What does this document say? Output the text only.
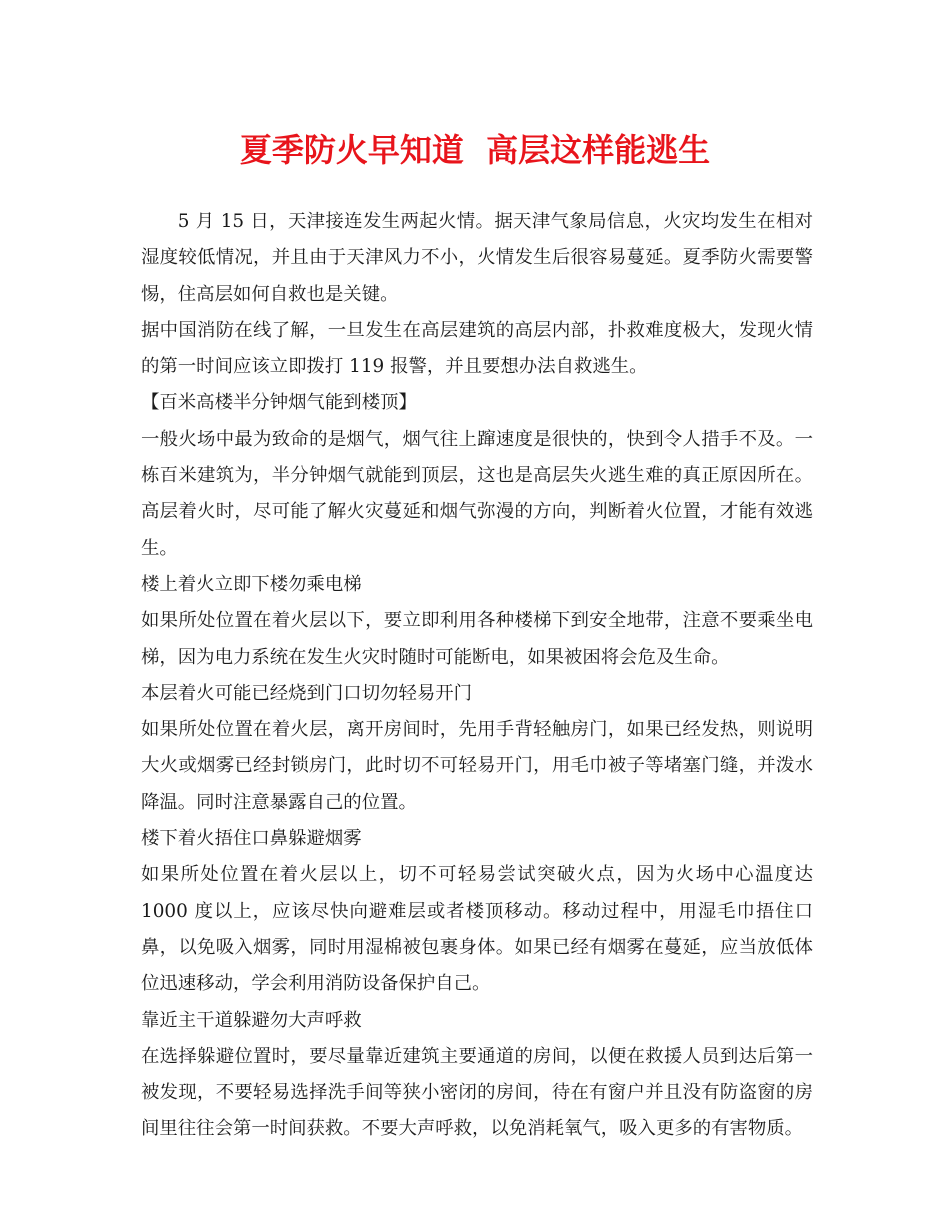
夏季防火早知道  高层这样能逃生

5 月 15 日，天津接连发生两起火情。据天津气象局信息，火灾均发生在相对湿度较低情况，并且由于天津风力不小，火情发生后很容易蔓延。夏季防火需要警惕，住高层如何自救也是关键。

据中国消防在线了解，一旦发生在高层建筑的高层内部，扑救难度极大，发现火情的第一时间应该立即拨打 119 报警，并且要想办法自救逃生。

【百米高楼半分钟烟气能到楼顶】

一般火场中最为致命的是烟气，烟气往上蹿速度是很快的，快到令人措手不及。一栋百米建筑为，半分钟烟气就能到顶层，这也是高层失火逃生难的真正原因所在。高层着火时，尽可能了解火灾蔓延和烟气弥漫的方向，判断着火位置，才能有效逃生。

楼上着火立即下楼勿乘电梯

如果所处位置在着火层以下，要立即利用各种楼梯下到安全地带，注意不要乘坐电梯，因为电力系统在发生火灾时随时可能断电，如果被困将会危及生命。

本层着火可能已经烧到门口切勿轻易开门

如果所处位置在着火层，离开房间时，先用手背轻触房门，如果已经发热，则说明大火或烟雾已经封锁房门，此时切不可轻易开门，用毛巾被子等堵塞门缝，并泼水降温。同时注意暴露自己的位置。

楼下着火捂住口鼻躲避烟雾

如果所处位置在着火层以上，切不可轻易尝试突破火点，因为火场中心温度达 1000 度以上，应该尽快向避难层或者楼顶移动。移动过程中，用湿毛巾捂住口鼻，以免吸入烟雾，同时用湿棉被包裹身体。如果已经有烟雾在蔓延，应当放低体位迅速移动，学会利用消防设备保护自己。

靠近主干道躲避勿大声呼救

在选择躲避位置时，要尽量靠近建筑主要通道的房间，以便在救援人员到达后第一被发现，不要轻易选择洗手间等狭小密闭的房间，待在有窗户并且没有防盗窗的房间里往往会第一时间获救。不要大声呼救，以免消耗氧气，吸入更多的有害物质。
